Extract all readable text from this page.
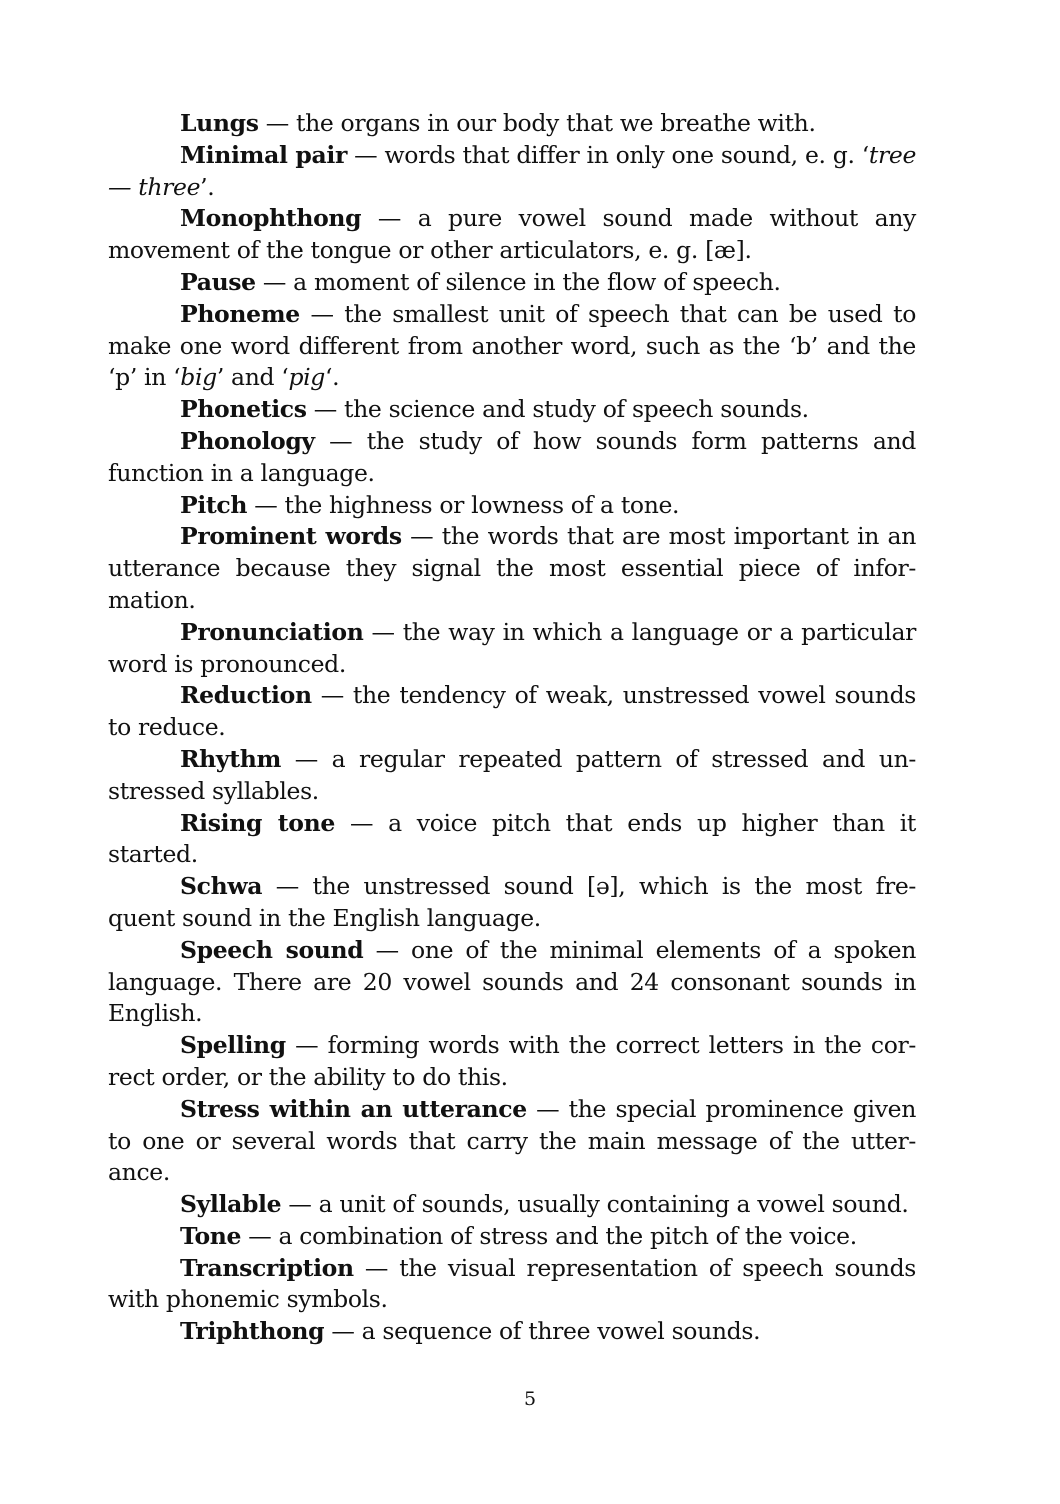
Lungs — the organs in our body that we breathe with.

Minimal pair — words that differ in only one sound, e. g. ‘tree — three’.

Monophthong — a pure vowel sound made without any movement of the tongue or other articulators, e. g. [æ].

Pause — a moment of silence in the flow of speech.

Phoneme — the smallest unit of speech that can be used to make one word different from another word, such as the ‘b’ and the ‘p’ in ‘big’ and ‘pig‘.

Phonetics — the science and study of speech sounds.

Phonology — the study of how sounds form patterns and function in a language.

Pitch — the highness or lowness of a tone.

Prominent words — the words that are most important in an utterance because they signal the most essential piece of infor-mation.

Pronunciation — the way in which a language or a particular word is pronounced.

Reduction — the tendency of weak, unstressed vowel sounds to reduce.

Rhythm — a regular repeated pattern of stressed and un-stressed syllables.

Rising tone — a voice pitch that ends up higher than it started.

Schwa — the unstressed sound [ə], which is the most fre-quent sound in the English language.

Speech sound — one of the minimal elements of a spoken language. There are 20 vowel sounds and 24 consonant sounds in English.

Spelling — forming words with the correct letters in the cor-rect order, or the ability to do this.

Stress within an utterance — the special prominence given to one or several words that carry the main message of the utter-ance.

Syllable — a unit of sounds, usually containing a vowel sound.

Tone — a combination of stress and the pitch of the voice.

Transcription — the visual representation of speech sounds with phonemic symbols.

Triphthong — a sequence of three vowel sounds.

5
